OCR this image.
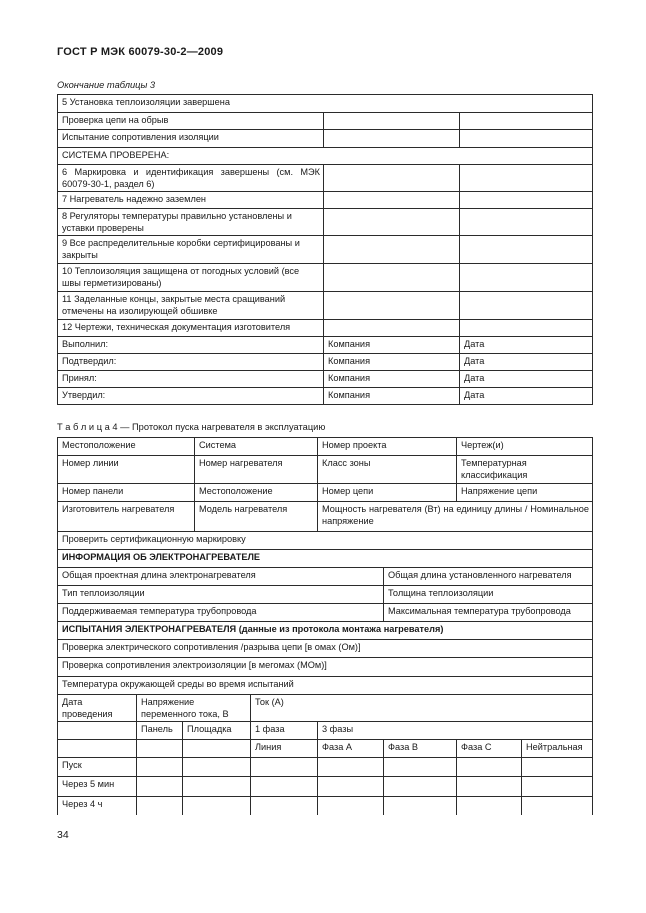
ГОСТ Р МЭК 60079-30-2—2009
Окончание таблицы 3
5 Установка теплоизоляции завершена		
Проверка цепи на обрыв		
Испытание сопротивления изоляции		
СИСТЕМА ПРОВЕРЕНА:		
6 Маркировка и идентификация завершены (см. МЭК 60079-30-1, раздел 6)		
7 Нагреватель надежно заземлен		
8 Регуляторы температуры правильно установлены и уставки проверены		
9 Все распределительные коробки сертифицированы и закрыты		
10 Теплоизоляция защищена от погодных условий (все швы герметизированы)		
11 Заделанные концы, закрытые места сращиваний отмечены на изолирующей обшивке		
12 Чертежи, техническая документация изготовителя		
Выполнил:	Компания	Дата
Подтвердил:	Компания	Дата
Принял:	Компания	Дата
Утвердил:	Компания	Дата
Т а б л и ц а 4 — Протокол пуска нагревателя в эксплуатацию
Местоположение			Система		Номер проекта		Чертеж(и)	
Номер линии			Номер нагревателя		Класс зоны		Температурная классификация	
Номер панели			Местоположение		Номер цепи		Напряжение цепи	
Изготовитель нагревателя			Модель нагревателя		Мощность нагревателя (Вт) на единицу длины / Номинальное напряжение			
Проверить сертификационную маркировку								
ИНФОРМАЦИЯ ОБ ЭЛЕКТРОНАГРЕВАТЕЛЕ								
Общая проектная длина электронагревателя						Общая длина установленного нагревателя		
Тип теплоизоляции						Толщина теплоизоляции		
Поддерживаемая температура трубопровода						Максимальная температура трубопровода		
ИСПЫТАНИЯ ЭЛЕКТРОНАГРЕВАТЕЛЯ (данные из протокола монтажа нагревателя)								
Проверка электрического сопротивления /разрыва цепи [в омах (Ом)]								
Проверка сопротивления электроизоляции [в мегомах (МОм)]								
Температура окружающей среды во время испытаний								
Дата проведения	Напряжение переменного тока, В			Ток (А)				
	Панель	Площадка		1 фаза	3 фазы			
				Линия	Фаза А	Фаза В	Фаза С	Нейтральная
Пуск								
Через 5 мин								
Через 4 ч								
34
